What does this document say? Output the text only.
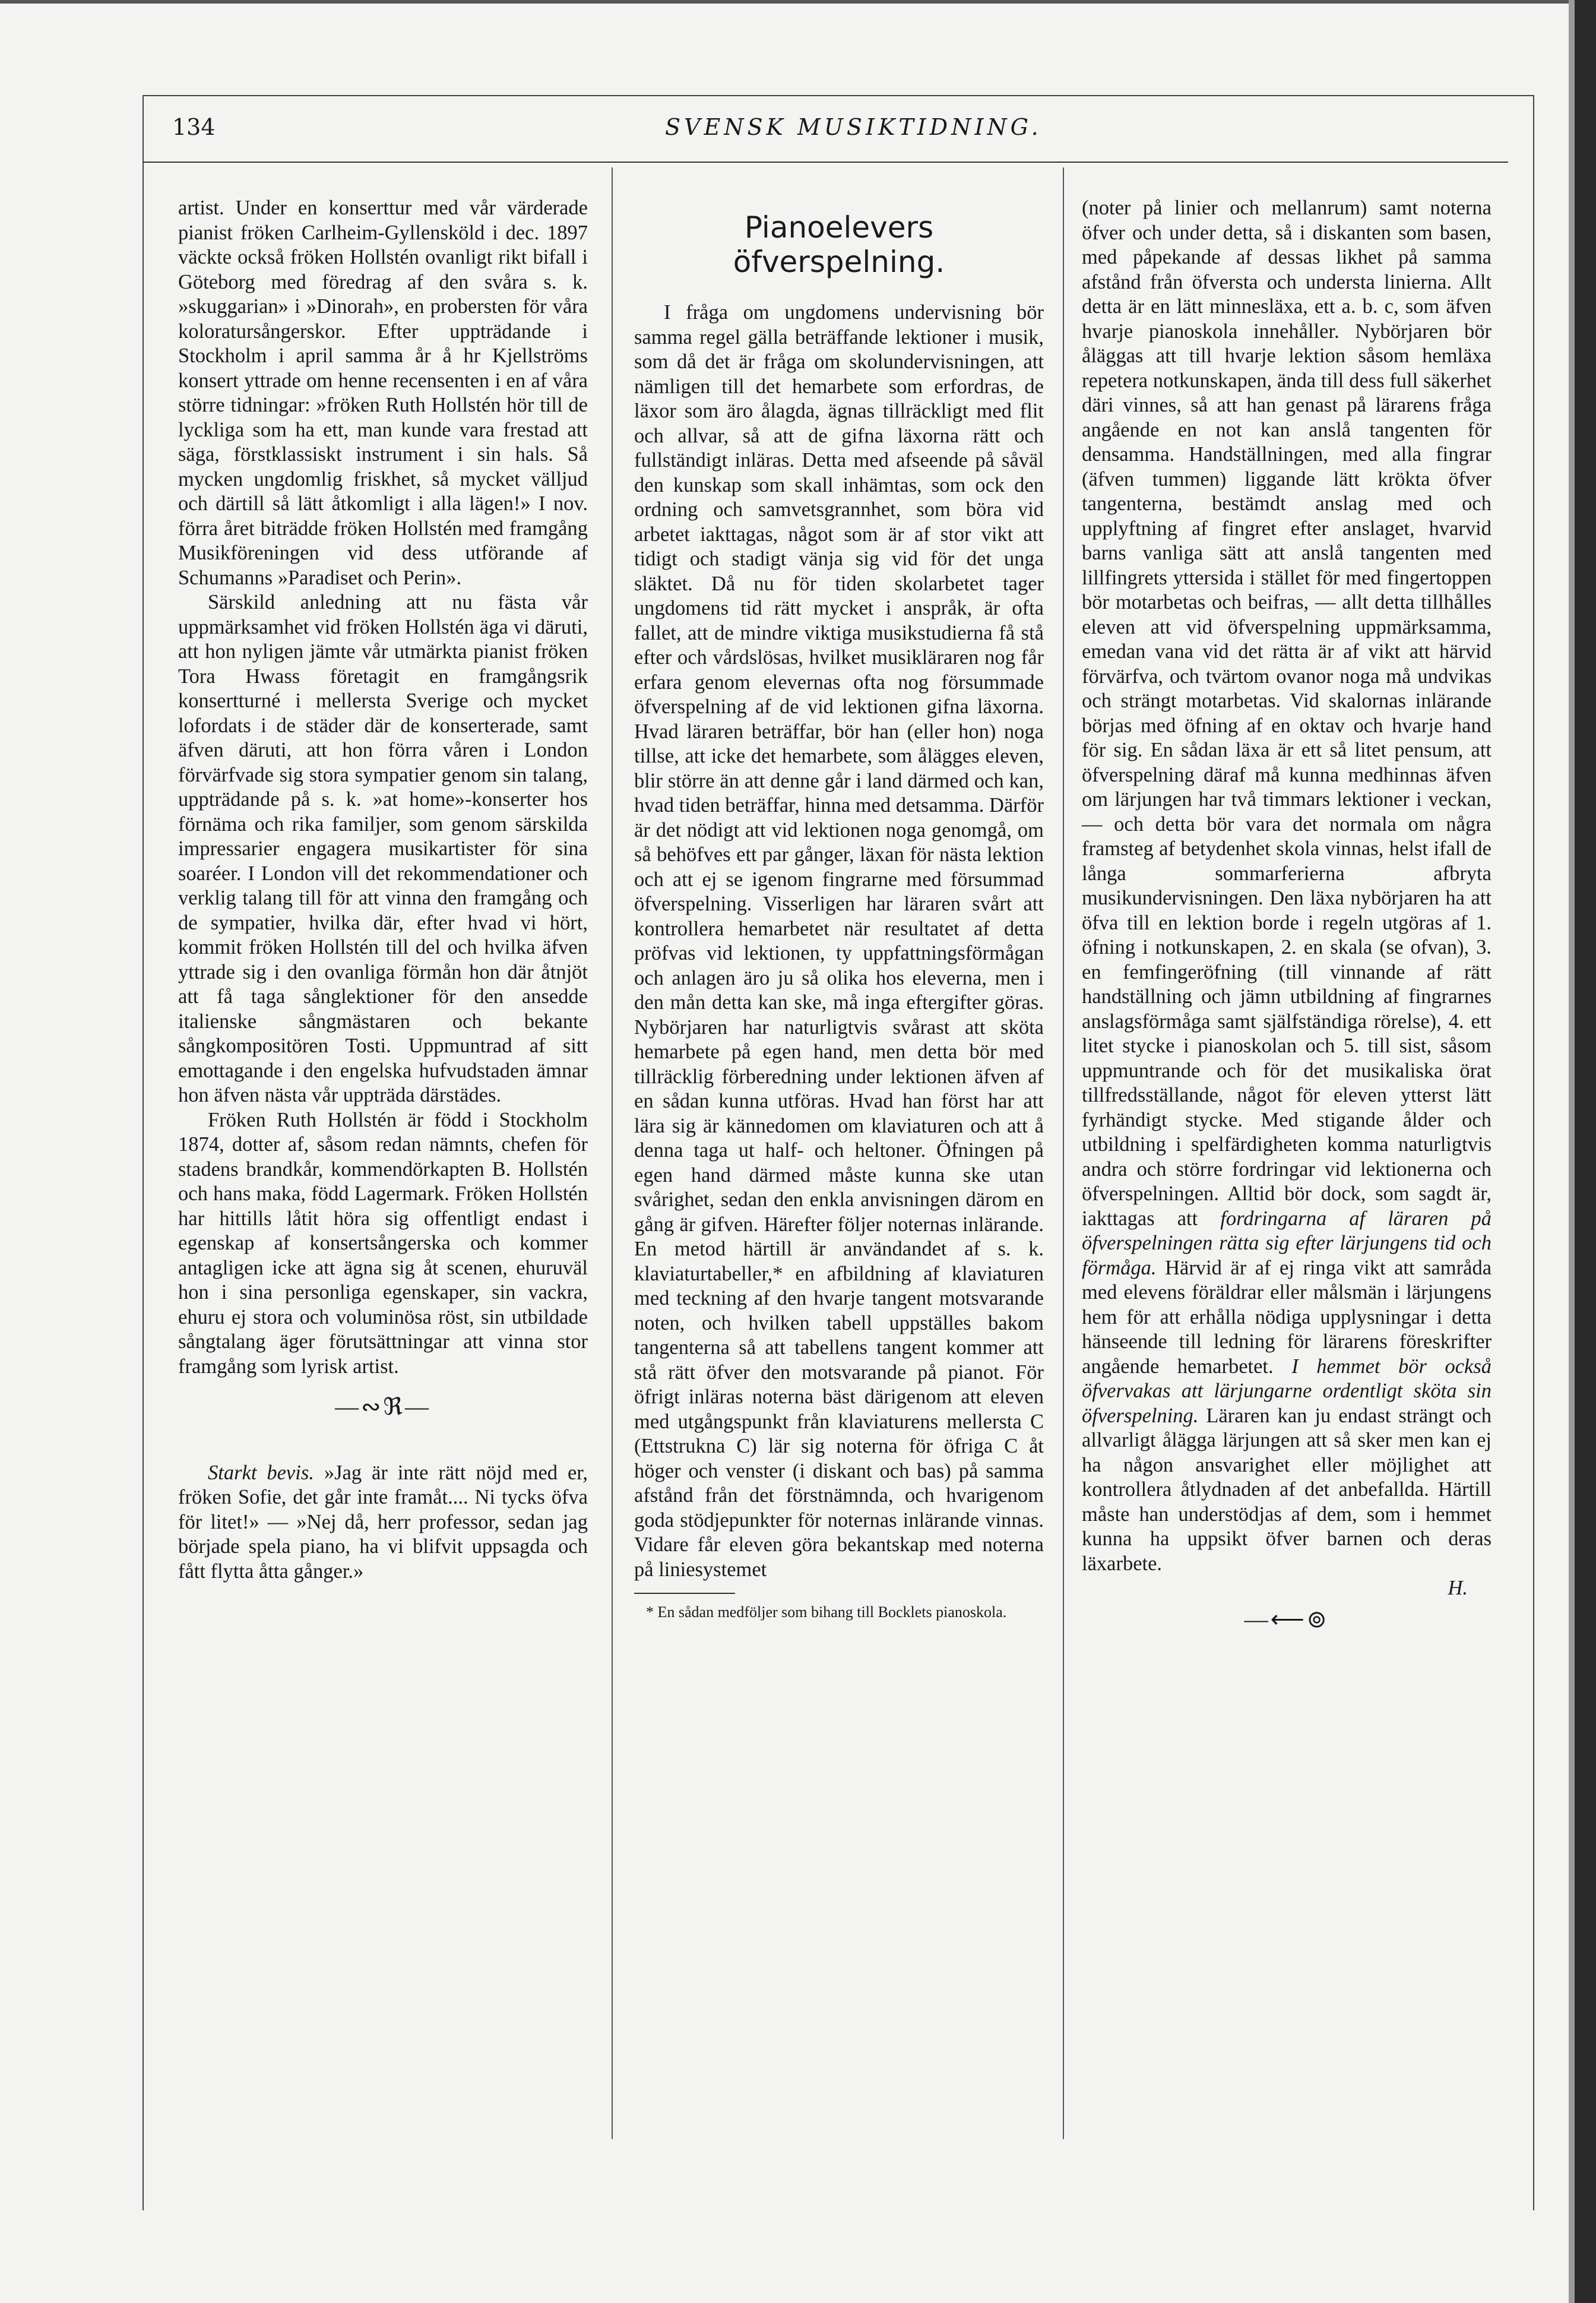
134	SVENSK MUSIKTIDNING.

artist. Under en konserttur med vår värderade pianist fröken Carlheim-Gyllensköld i dec. 1897 väckte också fröken Hollstén ovanligt rikt bifall i Göteborg med föredrag af den svåra s. k. »skuggarian» i »Dinorah», en probersten för våra koloratursångerskor. Efter uppträdande i Stockholm i april samma år å hr Kjellströms konsert yttrade om henne recensenten i en af våra större tidningar: »fröken Ruth Hollstén hör till de lyckliga som ha ett, man kunde vara frestad att säga, förstklassiskt instrument i sin hals. Så mycken ungdomlig friskhet, så mycket välljud och därtill så lätt åtkomligt i alla lägen!» I nov. förra året biträdde fröken Hollstén med framgång Musikföreningen vid dess utförande af Schumanns »Paradiset och Perin».

Särskild anledning att nu fästa vår uppmärksamhet vid fröken Hollstén äga vi däruti, att hon nyligen jämte vår utmärkta pianist fröken Tora Hwass företagit en framgångsrik konsertturné i mellersta Sverige och mycket lofordats i de städer där de konserterade, samt äfven däruti, att hon förra våren i London förvärfvade sig stora sympatier genom sin talang, uppträdande på s. k. »at home»-konserter hos förnäma och rika familjer, som genom särskilda impressarier engagera musikartister för sina soaréer. I London vill det rekommendationer och verklig talang till för att vinna den framgång och de sympatier, hvilka där, efter hvad vi hört, kommit fröken Hollstén till del och hvilka äfven yttrade sig i den ovanliga förmån hon där åtnjöt att få taga sånglektioner för den ansedde italienske sångmästaren och bekante sångkompositören Tosti. Uppmuntrad af sitt emottagande i den engelska hufvudstaden ämnar hon äfven nästa vår uppträda därstädes.

Fröken Ruth Hollstén är född i Stockholm 1874, dotter af, såsom redan nämnts, chefen för stadens brandkår, kommendörkapten B. Hollstén och hans maka, född Lagermark. Fröken Hollstén har hittills låtit höra sig offentligt endast i egenskap af konsertsångerska och kommer antagligen icke att ägna sig åt scenen, ehuruväl hon i sina personliga egenskaper, sin vackra, ehuru ej stora och voluminösa röst, sin utbildade sångtalang äger förutsättningar att vinna stor framgång som lyrisk artist.

—∾ℜ—

Starkt bevis. »Jag är inte rätt nöjd med er, fröken Sofie, det går inte framåt.... Ni tycks öfva för litet!» — »Nej då, herr professor, sedan jag började spela piano, ha vi blifvit uppsagda och fått flytta åtta gånger.»

Pianoelevers öfverspelning.

I fråga om ungdomens undervisning bör samma regel gälla beträffande lektioner i musik, som då det är fråga om skolundervisningen, att nämligen till det hemarbete som erfordras, de läxor som äro ålagda, ägnas tillräckligt med flit och allvar, så att de gifna läxorna rätt och fullständigt inläras. Detta med afseende på såväl den kunskap som skall inhämtas, som ock den ordning och samvetsgrannhet, som böra vid arbetet iakttagas, något som är af stor vikt att tidigt och stadigt vänja sig vid för det unga släktet. Då nu för tiden skolarbetet tager ungdomens tid rätt mycket i anspråk, är ofta fallet, att de mindre viktiga musikstudierna få stå efter och vårdslösas, hvilket musikläraren nog får erfara genom elevernas ofta nog försummade öfverspelning af de vid lektionen gifna läxorna. Hvad läraren beträffar, bör han (eller hon) noga tillse, att icke det hemarbete, som ålägges eleven, blir större än att denne går i land därmed och kan, hvad tiden beträffar, hinna med detsamma. Därför är det nödigt att vid lektionen noga genomgå, om så behöfves ett par gånger, läxan för nästa lektion och att ej se igenom fingrarne med försummad öfverspelning. Visserligen har läraren svårt att kontrollera hemarbetet när resultatet af detta pröfvas vid lektionen, ty uppfattningsförmågan och anlagen äro ju så olika hos eleverna, men i den mån detta kan ske, må inga eftergifter göras. Nybörjaren har naturligtvis svårast att sköta hemarbete på egen hand, men detta bör med tillräcklig förberedning under lektionen äfven af en sådan kunna utföras. Hvad han först har att lära sig är kännedomen om klaviaturen och att å denna taga ut half- och heltoner. Öfningen på egen hand därmed måste kunna ske utan svårighet, sedan den enkla anvisningen därom en gång är gifven. Härefter följer noternas inlärande. En metod härtill är användandet af s. k. klaviaturtabeller,* en afbildning af klaviaturen med teckning af den hvarje tangent motsvarande noten, och hvilken tabell uppställes bakom tangenterna så att tabellens tangent kommer att stå rätt öfver den motsvarande på pianot. För öfrigt inläras noterna bäst därigenom att eleven med utgångspunkt från klaviaturens mellersta C (Ettstrukna C) lär sig noterna för öfriga C åt höger och venster (i diskant och bas) på samma afstånd från det förstnämnda, och hvarigenom goda stödjepunkter för noternas inlärande vinnas. Vidare får eleven göra bekantskap med noterna på liniesystemet

* En sådan medföljer som bihang till Bocklets pianoskola.

(noter på linier och mellanrum) samt noterna öfver och under detta, så i diskanten som basen, med påpekande af dessas likhet på samma afstånd från öfversta och understa linierna. Allt detta är en lätt minnesläxa, ett a. b. c, som äfven hvarje pianoskola innehåller. Nybörjaren bör åläggas att till hvarje lektion såsom hemläxa repetera notkunskapen, ända till dess full säkerhet däri vinnes, så att han genast på lärarens fråga angående en not kan anslå tangenten för densamma. Handställningen, med alla fingrar (äfven tummen) liggande lätt krökta öfver tangenterna, bestämdt anslag med och upplyftning af fingret efter anslaget, hvarvid barns vanliga sätt att anslå tangenten med lillfingrets yttersida i stället för med fingertoppen bör motarbetas och beifras, — allt detta tillhålles eleven att vid öfverspelning uppmärksamma, emedan vana vid det rätta är af vikt att härvid förvärfva, och tvärtom ovanor noga må undvikas och strängt motarbetas. Vid skalornas inlärande börjas med öfning af en oktav och hvarje hand för sig. En sådan läxa är ett så litet pensum, att öfverspelning däraf må kunna medhinnas äfven om lärjungen har två timmars lektioner i veckan, — och detta bör vara det normala om några framsteg af betydenhet skola vinnas, helst ifall de långa sommarferierna afbryta musikundervisningen. Den läxa nybörjaren ha att öfva till en lektion borde i regeln utgöras af 1. öfning i notkunskapen, 2. en skala (se ofvan), 3. en femfingeröfning (till vinnande af rätt handställning och jämn utbildning af fingrarnes anslagsförmåga samt själfständiga rörelse), 4. ett litet stycke i pianoskolan och 5. till sist, såsom uppmuntrande och för det musikaliska örat tillfredsställande, något för eleven ytterst lätt fyrhändigt stycke. Med stigande ålder och utbildning i spelfärdigheten komma naturligtvis andra och större fordringar vid lektionerna och öfverspelningen. Alltid bör dock, som sagdt är, iakttagas att fordringarna af läraren på öfverspelningen rätta sig efter lärjungens tid och förmåga. Härvid är af ej ringa vikt att samråda med elevens föräldrar eller målsmän i lärjungens hem för att erhålla nödiga upplysningar i detta hänseende till ledning för lärarens föreskrifter angående hemarbetet. I hemmet bör också öfvervakas att lärjungarne ordentligt sköta sin öfverspelning. Läraren kan ju endast strängt och allvarligt ålägga lärjungen att så sker men kan ej ha någon ansvarighet eller möjlighet att kontrollera åtlydnaden af det anbefallda. Härtill måste han understödjas af dem, som i hemmet kunna ha uppsikt öfver barnen och deras läxarbete.

H.
—⟵⊚
